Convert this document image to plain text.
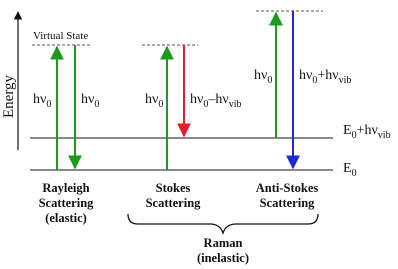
Energy
Virtual State
$E_0$
$E_0+h\nu_{vib}$
$h\nu_0$ $h\nu_0$	$h\nu_0$ $h\nu_0-h\nu_{vib}$
$h\nu_0$ $h\nu_0+h\nu_{vib}$
Rayleigh
Scattering
(elastic)
Stokes
Scattering
Anti-Stokes
Scattering
Raman
(inelastic)
